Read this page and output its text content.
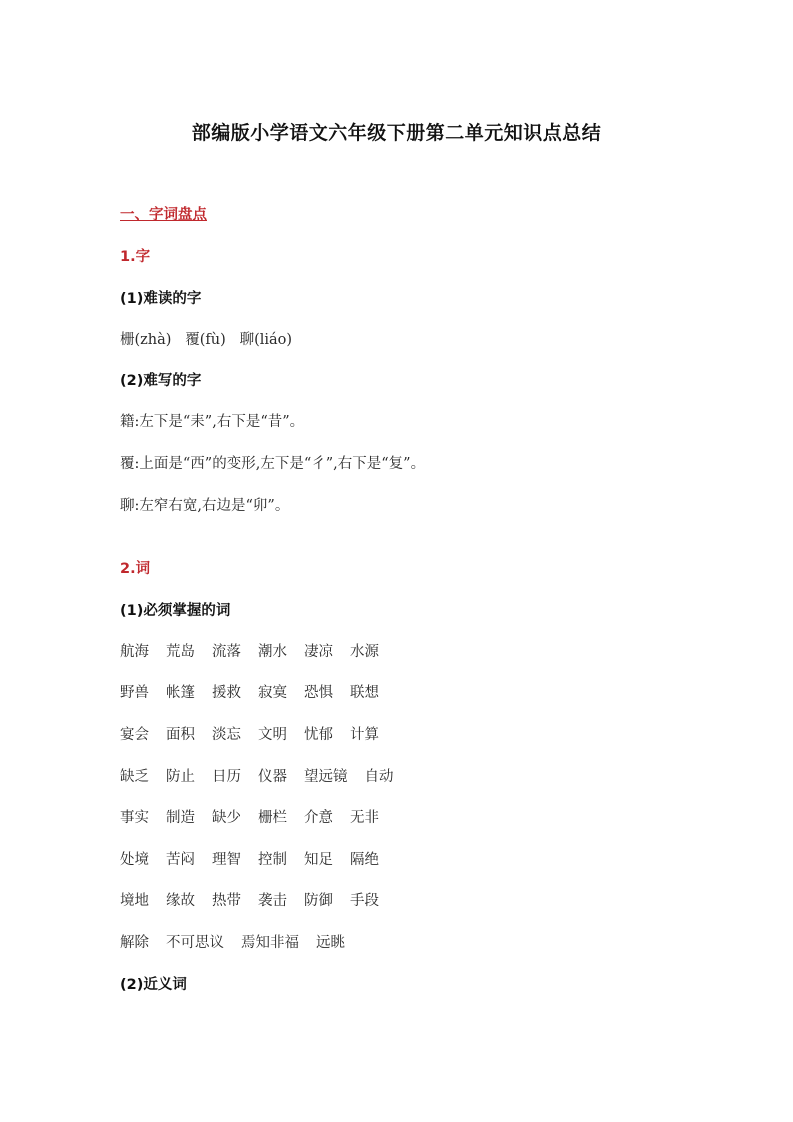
部编版小学语文六年级下册第二单元知识点总结
一、字词盘点
1.字
(1)难读的字
栅(zhà)   覆(fù)   聊(liáo)
(2)难写的字
籍:左下是“耒”,右下是“昔”。
覆:上面是“西”的变形,左下是“彳”,右下是“复”。
聊:左窄右宽,右边是“卯”。
2.词
(1)必须掌握的词
航海 荒岛 流落 潮水 凄凉 水源
野兽 帐篷 援救 寂寞 恐惧 联想
宴会 面积 淡忘 文明 忧郁 计算
缺乏 防止 日历 仪器 望远镜 自动
事实 制造 缺少 栅栏 介意 无非
处境 苦闷 理智 控制 知足 隔绝
境地 缘故 热带 袭击 防御 手段
解除 不可思议 焉知非福 远眺
(2)近义词
